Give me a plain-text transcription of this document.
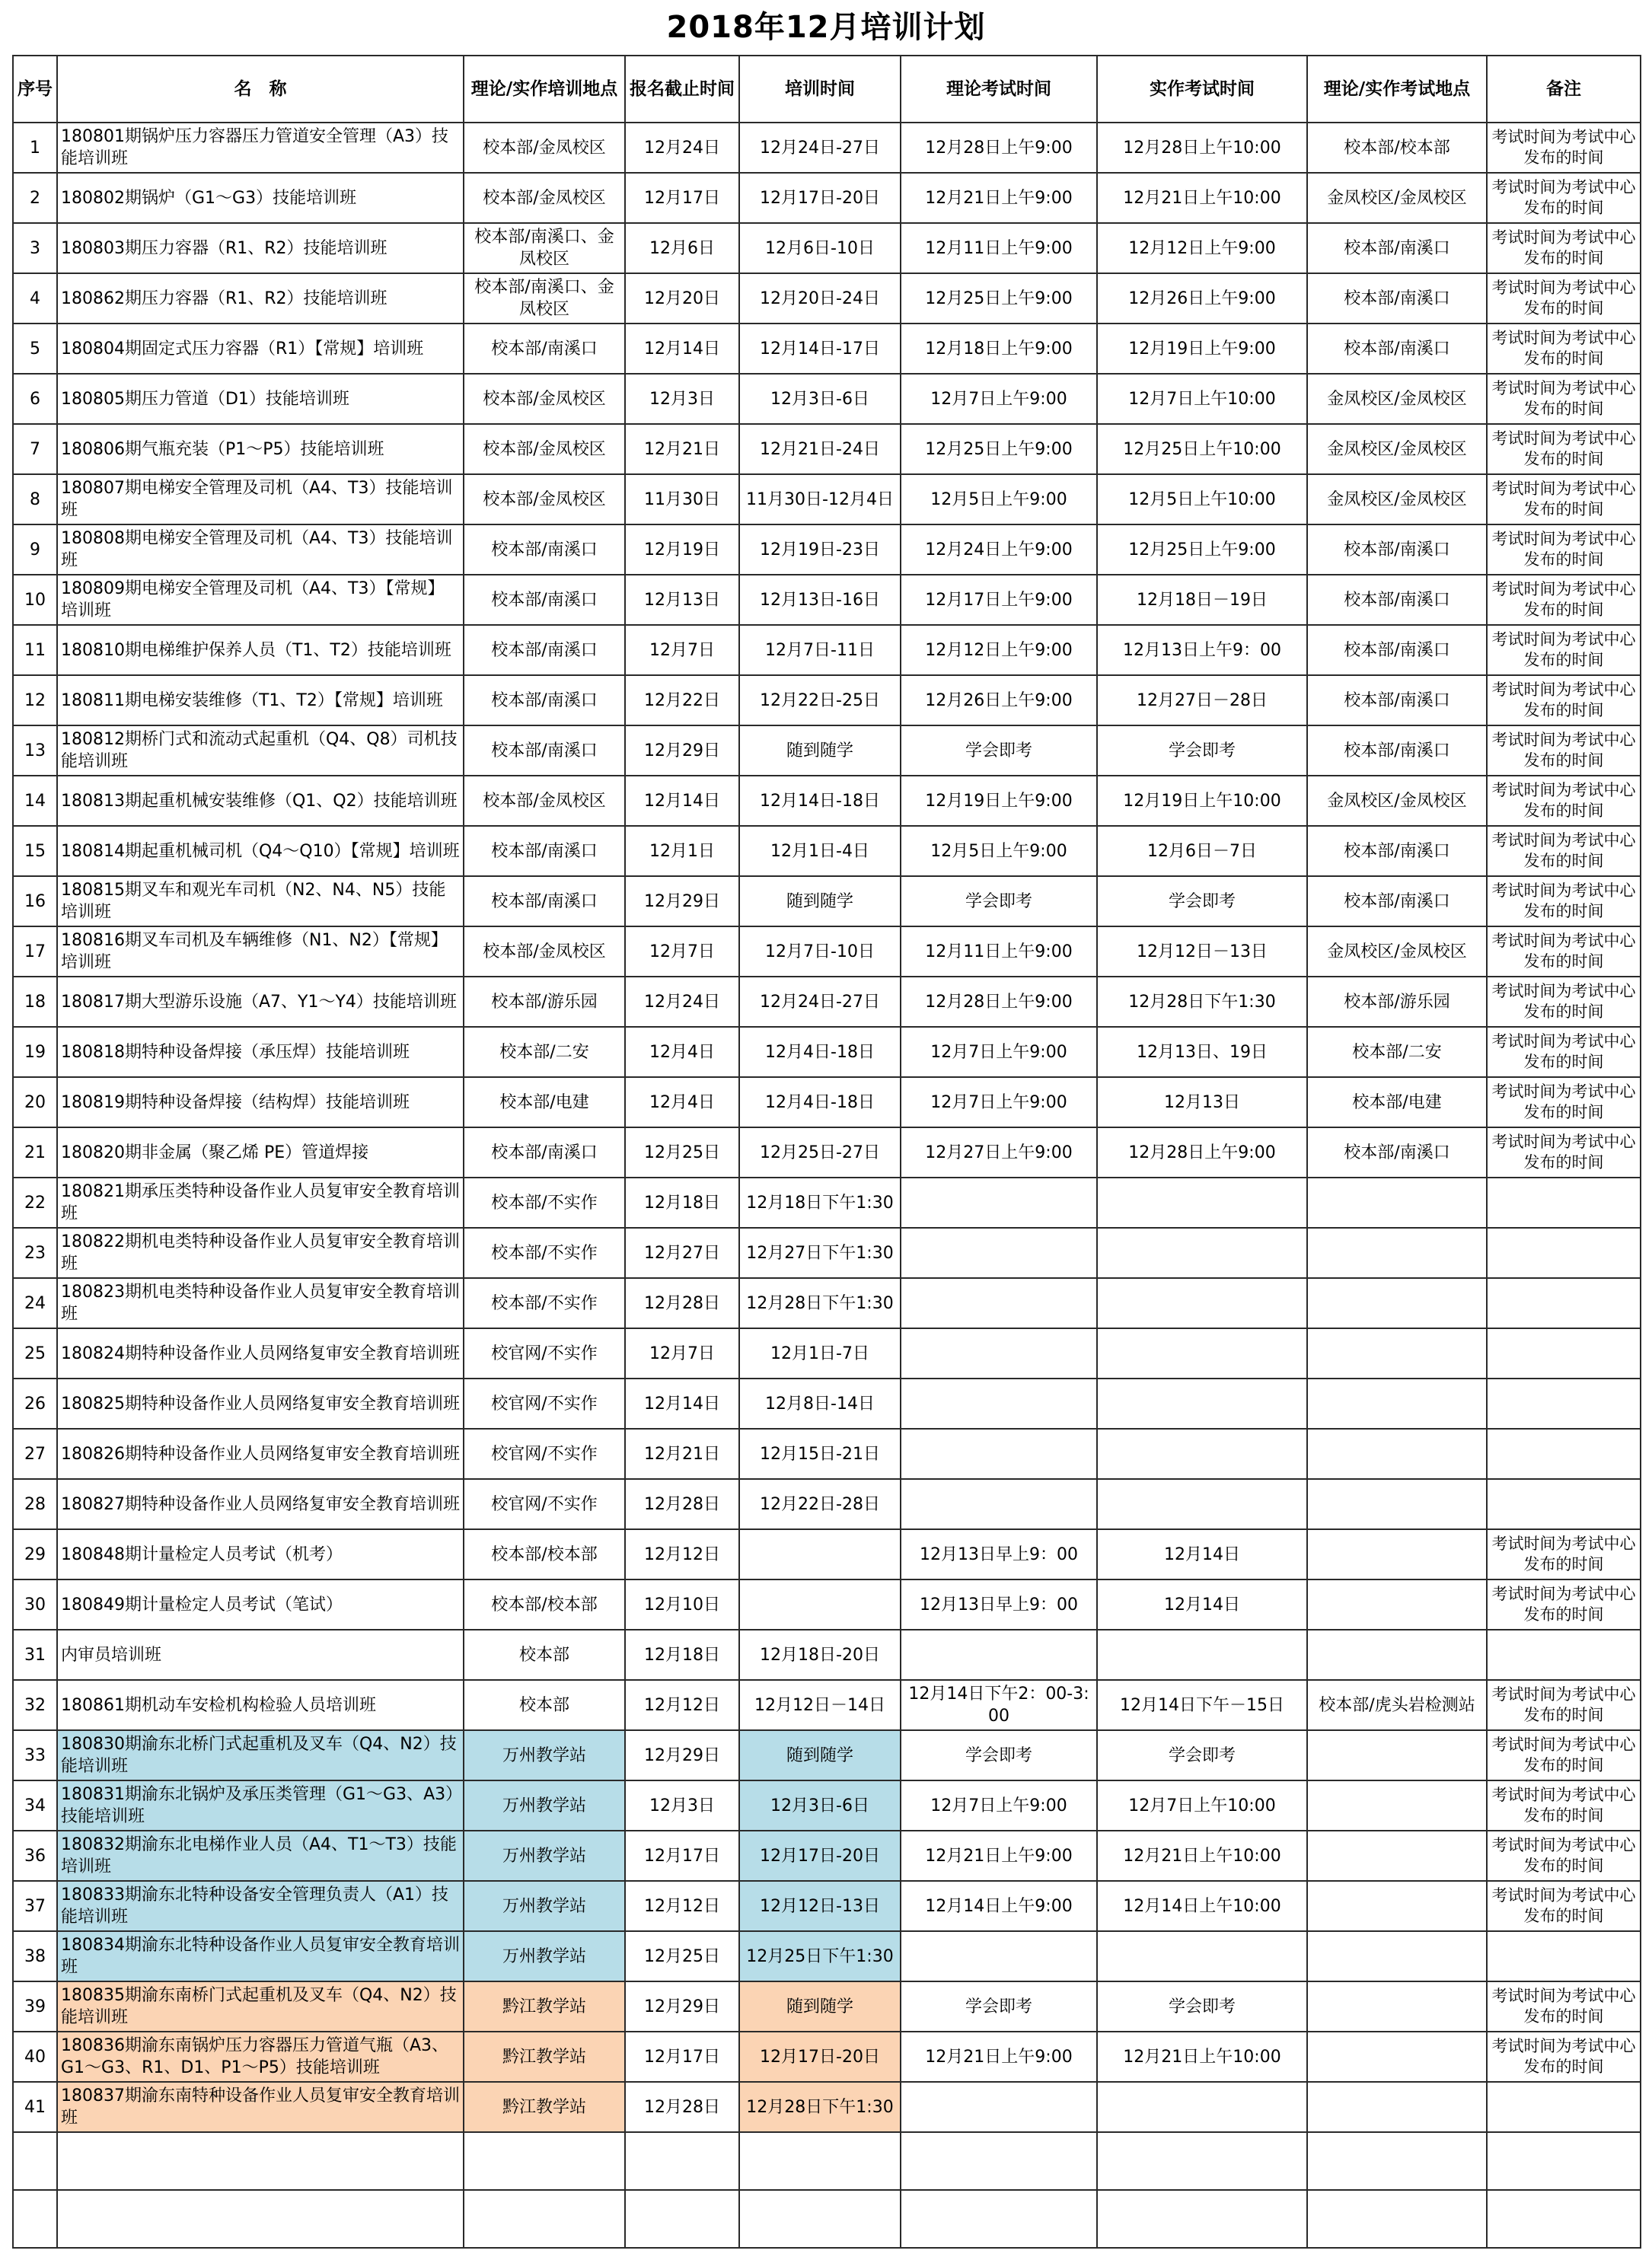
2018年12月培训计划
序号	名　称	理论/实作培训地点	报名截止时间	培训时间	理论考试时间	实作考试时间	理论/实作考试地点	备注
1	180801期锅炉压力容器压力管道安全管理（A3）技能培训班	校本部/金凤校区	12月24日	12月24日-27日	12月28日上午9:00	12月28日上午10:00	校本部/校本部	考试时间为考试中心发布的时间
2	180802期锅炉（G1～G3）技能培训班	校本部/金凤校区	12月17日	12月17日-20日	12月21日上午9:00	12月21日上午10:00	金凤校区/金凤校区	考试时间为考试中心发布的时间
3	180803期压力容器（R1、R2）技能培训班	校本部/南溪口、金凤校区	12月6日	12月6日-10日	12月11日上午9:00	12月12日上午9:00	校本部/南溪口	考试时间为考试中心发布的时间
4	180862期压力容器（R1、R2）技能培训班	校本部/南溪口、金凤校区	12月20日	12月20日-24日	12月25日上午9:00	12月26日上午9:00	校本部/南溪口	考试时间为考试中心发布的时间
5	180804期固定式压力容器（R1）【常规】培训班	校本部/南溪口	12月14日	12月14日-17日	12月18日上午9:00	12月19日上午9:00	校本部/南溪口	考试时间为考试中心发布的时间
6	180805期压力管道（D1）技能培训班	校本部/金凤校区	12月3日	12月3日-6日	12月7日上午9:00	12月7日上午10:00	金凤校区/金凤校区	考试时间为考试中心发布的时间
7	180806期气瓶充装（P1～P5）技能培训班	校本部/金凤校区	12月21日	12月21日-24日	12月25日上午9:00	12月25日上午10:00	金凤校区/金凤校区	考试时间为考试中心发布的时间
8	180807期电梯安全管理及司机（A4、T3）技能培训班	校本部/金凤校区	11月30日	11月30日-12月4日	12月5日上午9:00	12月5日上午10:00	金凤校区/金凤校区	考试时间为考试中心发布的时间
9	180808期电梯安全管理及司机（A4、T3）技能培训班	校本部/南溪口	12月19日	12月19日-23日	12月24日上午9:00	12月25日上午9:00	校本部/南溪口	考试时间为考试中心发布的时间
10	180809期电梯安全管理及司机（A4、T3）【常规】培训班	校本部/南溪口	12月13日	12月13日-16日	12月17日上午9:00	12月18日－19日	校本部/南溪口	考试时间为考试中心发布的时间
11	180810期电梯维护保养人员（T1、T2）技能培训班	校本部/南溪口	12月7日	12月7日-11日	12月12日上午9:00	12月13日上午9：00	校本部/南溪口	考试时间为考试中心发布的时间
12	180811期电梯安装维修（T1、T2）【常规】培训班	校本部/南溪口	12月22日	12月22日-25日	12月26日上午9:00	12月27日－28日	校本部/南溪口	考试时间为考试中心发布的时间
13	180812期桥门式和流动式起重机（Q4、Q8）司机技能培训班	校本部/南溪口	12月29日	随到随学	学会即考	学会即考	校本部/南溪口	考试时间为考试中心发布的时间
14	180813期起重机械安装维修（Q1、Q2）技能培训班	校本部/金凤校区	12月14日	12月14日-18日	12月19日上午9:00	12月19日上午10:00	金凤校区/金凤校区	考试时间为考试中心发布的时间
15	180814期起重机械司机（Q4～Q10）【常规】培训班	校本部/南溪口	12月1日	12月1日-4日	12月5日上午9:00	12月6日－7日	校本部/南溪口	考试时间为考试中心发布的时间
16	180815期叉车和观光车司机（N2、N4、N5）技能培训班	校本部/南溪口	12月29日	随到随学	学会即考	学会即考	校本部/南溪口	考试时间为考试中心发布的时间
17	180816期叉车司机及车辆维修（N1、N2）【常规】培训班	校本部/金凤校区	12月7日	12月7日-10日	12月11日上午9:00	12月12日－13日	金凤校区/金凤校区	考试时间为考试中心发布的时间
18	180817期大型游乐设施（A7、Y1～Y4）技能培训班	校本部/游乐园	12月24日	12月24日-27日	12月28日上午9:00	12月28日下午1:30	校本部/游乐园	考试时间为考试中心发布的时间
19	180818期特种设备焊接（承压焊）技能培训班	校本部/二安	12月4日	12月4日-18日	12月7日上午9:00	12月13日、19日	校本部/二安	考试时间为考试中心发布的时间
20	180819期特种设备焊接（结构焊）技能培训班	校本部/电建	12月4日	12月4日-18日	12月7日上午9:00	12月13日	校本部/电建	考试时间为考试中心发布的时间
21	180820期非金属（聚乙烯 PE）管道焊接	校本部/南溪口	12月25日	12月25日-27日	12月27日上午9:00	12月28日上午9:00	校本部/南溪口	考试时间为考试中心发布的时间
22	180821期承压类特种设备作业人员复审安全教育培训班	校本部/不实作	12月18日	12月18日下午1:30				
23	180822期机电类特种设备作业人员复审安全教育培训班	校本部/不实作	12月27日	12月27日下午1:30				
24	180823期机电类特种设备作业人员复审安全教育培训班	校本部/不实作	12月28日	12月28日下午1:30				
25	180824期特种设备作业人员网络复审安全教育培训班	校官网/不实作	12月7日	12月1日-7日				
26	180825期特种设备作业人员网络复审安全教育培训班	校官网/不实作	12月14日	12月8日-14日				
27	180826期特种设备作业人员网络复审安全教育培训班	校官网/不实作	12月21日	12月15日-21日				
28	180827期特种设备作业人员网络复审安全教育培训班	校官网/不实作	12月28日	12月22日-28日				
29	180848期计量检定人员考试（机考）	校本部/校本部	12月12日		12月13日早上9：00	12月14日		考试时间为考试中心发布的时间
30	180849期计量检定人员考试（笔试）	校本部/校本部	12月10日		12月13日早上9：00	12月14日		考试时间为考试中心发布的时间
31	内审员培训班	校本部	12月18日	12月18日-20日				
32	180861期机动车安检机构检验人员培训班	校本部	12月12日	12月12日－14日	12月14日下午2：00-3:00	12月14日下午－15日	校本部/虎头岩检测站	考试时间为考试中心发布的时间
33	180830期渝东北桥门式起重机及叉车（Q4、N2）技能培训班	万州教学站	12月29日	随到随学	学会即考	学会即考		考试时间为考试中心发布的时间
34	180831期渝东北锅炉及承压类管理（G1～G3、A3）技能培训班	万州教学站	12月3日	12月3日-6日	12月7日上午9:00	12月7日上午10:00		考试时间为考试中心发布的时间
36	180832期渝东北电梯作业人员（A4、T1～T3）技能培训班	万州教学站	12月17日	12月17日-20日	12月21日上午9:00	12月21日上午10:00		考试时间为考试中心发布的时间
37	180833期渝东北特种设备安全管理负责人（A1）技能培训班	万州教学站	12月12日	12月12日-13日	12月14日上午9:00	12月14日上午10:00		考试时间为考试中心发布的时间
38	180834期渝东北特种设备作业人员复审安全教育培训班	万州教学站	12月25日	12月25日下午1:30				
39	180835期渝东南桥门式起重机及叉车（Q4、N2）技能培训班	黔江教学站	12月29日	随到随学	学会即考	学会即考		考试时间为考试中心发布的时间
40	180836期渝东南锅炉压力容器压力管道气瓶（A3、G1～G3、R1、D1、P1～P5）技能培训班	黔江教学站	12月17日	12月17日-20日	12月21日上午9:00	12月21日上午10:00		考试时间为考试中心发布的时间
41	180837期渝东南特种设备作业人员复审安全教育培训班	黔江教学站	12月28日	12月28日下午1:30				
